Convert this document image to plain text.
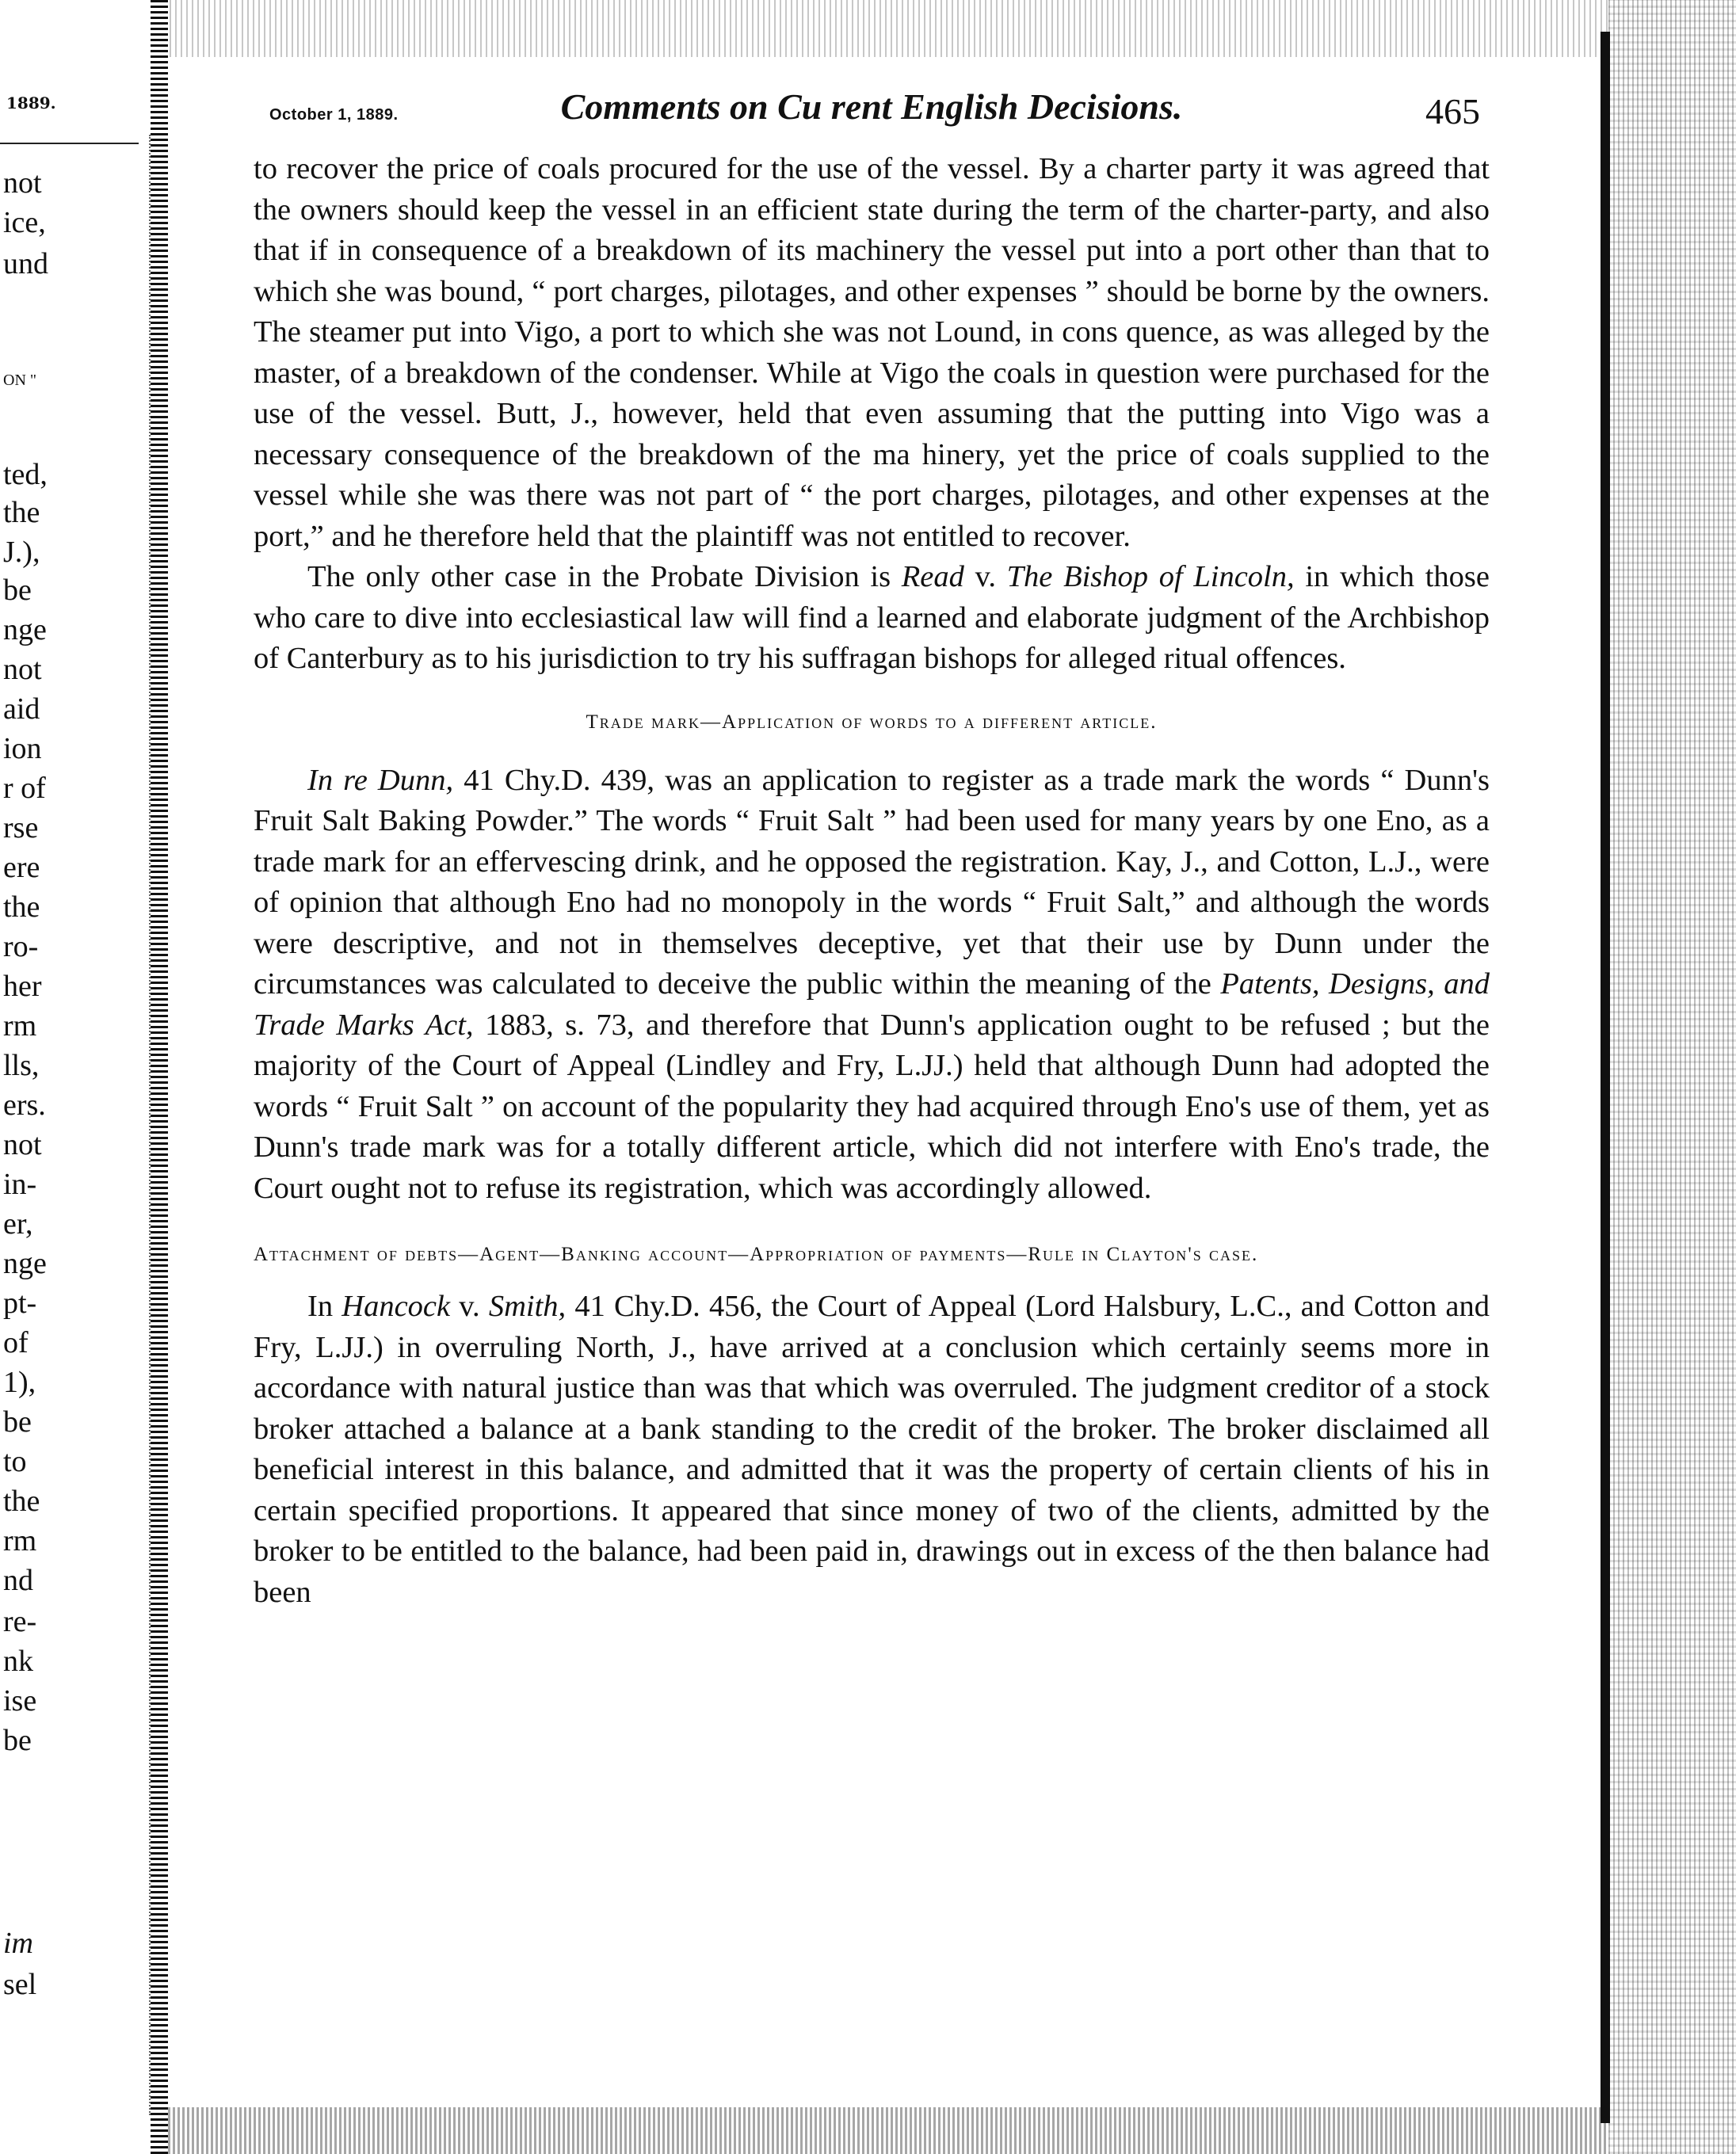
1889.
not
ice,
und
ON "
ted,
the
J.),
be
nge
not
aid
ion
r of
rse
ere
the
ro-
her
rm
lls,
ers.
not
in-
er,
nge
pt-
of
1),
be
to
the
rm
nd
re-
nk
ise
be
im
sel
October 1, 1889.	Comments on Cu rent English Decisions.	465

to recover the price of coals procured for the use of the vessel. By a charter party it was agreed that the owners should keep the vessel in an efficient state during the term of the charter-party, and also that if in consequence of a breakdown of its machinery the vessel put into a port other than that to which she was bound, “ port charges, pilotages, and other expenses ” should be borne by the owners. The steamer put into Vigo, a port to which she was not Lound, in cons quence, as was alleged by the master, of a breakdown of the condenser. While at Vigo the coals in question were purchased for the use of the vessel. Butt, J., however, held that even assuming that the putting into Vigo was a necessary consequence of the breakdown of the ma hinery, yet the price of coals supplied to the vessel while she was there was not part of “ the port charges, pilotages, and other expenses at the port,” and he therefore held that the plaintiff was not entitled to recover.

The only other case in the Probate Division is Read v. The Bishop of Lincoln, in which those who care to dive into ecclesiastical law will find a learned and elaborate judgment of the Archbishop of Canterbury as to his jurisdiction to try his suffragan bishops for alleged ritual offences.

Trade mark—Application of words to a different article.

In re Dunn, 41 Chy.D. 439, was an application to register as a trade mark the words “ Dunn's Fruit Salt Baking Powder.” The words “ Fruit Salt ” had been used for many years by one Eno, as a trade mark for an effervescing drink, and he opposed the registration. Kay, J., and Cotton, L.J., were of opinion that although Eno had no monopoly in the words “ Fruit Salt,” and although the words were descriptive, and not in themselves deceptive, yet that their use by Dunn under the circumstances was calculated to deceive the public within the meaning of the Patents, Designs, and Trade Marks Act, 1883, s. 73, and therefore that Dunn's application ought to be refused ; but the majority of the Court of Appeal (Lindley and Fry, L.JJ.) held that although Dunn had adopted the words “ Fruit Salt ” on account of the popularity they had acquired through Eno's use of them, yet as Dunn's trade mark was for a totally different article, which did not interfere with Eno's trade, the Court ought not to refuse its registration, which was accordingly allowed.

Attachment of debts—Agent—Banking account—Appropriation of payments—Rule in Clayton's case.

In Hancock v. Smith, 41 Chy.D. 456, the Court of Appeal (Lord Halsbury, L.C., and Cotton and Fry, L.JJ.) in overruling North, J., have arrived at a conclusion which certainly seems more in accordance with natural justice than was that which was overruled. The judgment creditor of a stock broker attached a balance at a bank standing to the credit of the broker. The broker disclaimed all beneficial interest in this balance, and admitted that it was the property of certain clients of his in certain specified proportions. It appeared that since money of two of the clients, admitted by the broker to be entitled to the balance, had been paid in, drawings out in excess of the then balance had been
